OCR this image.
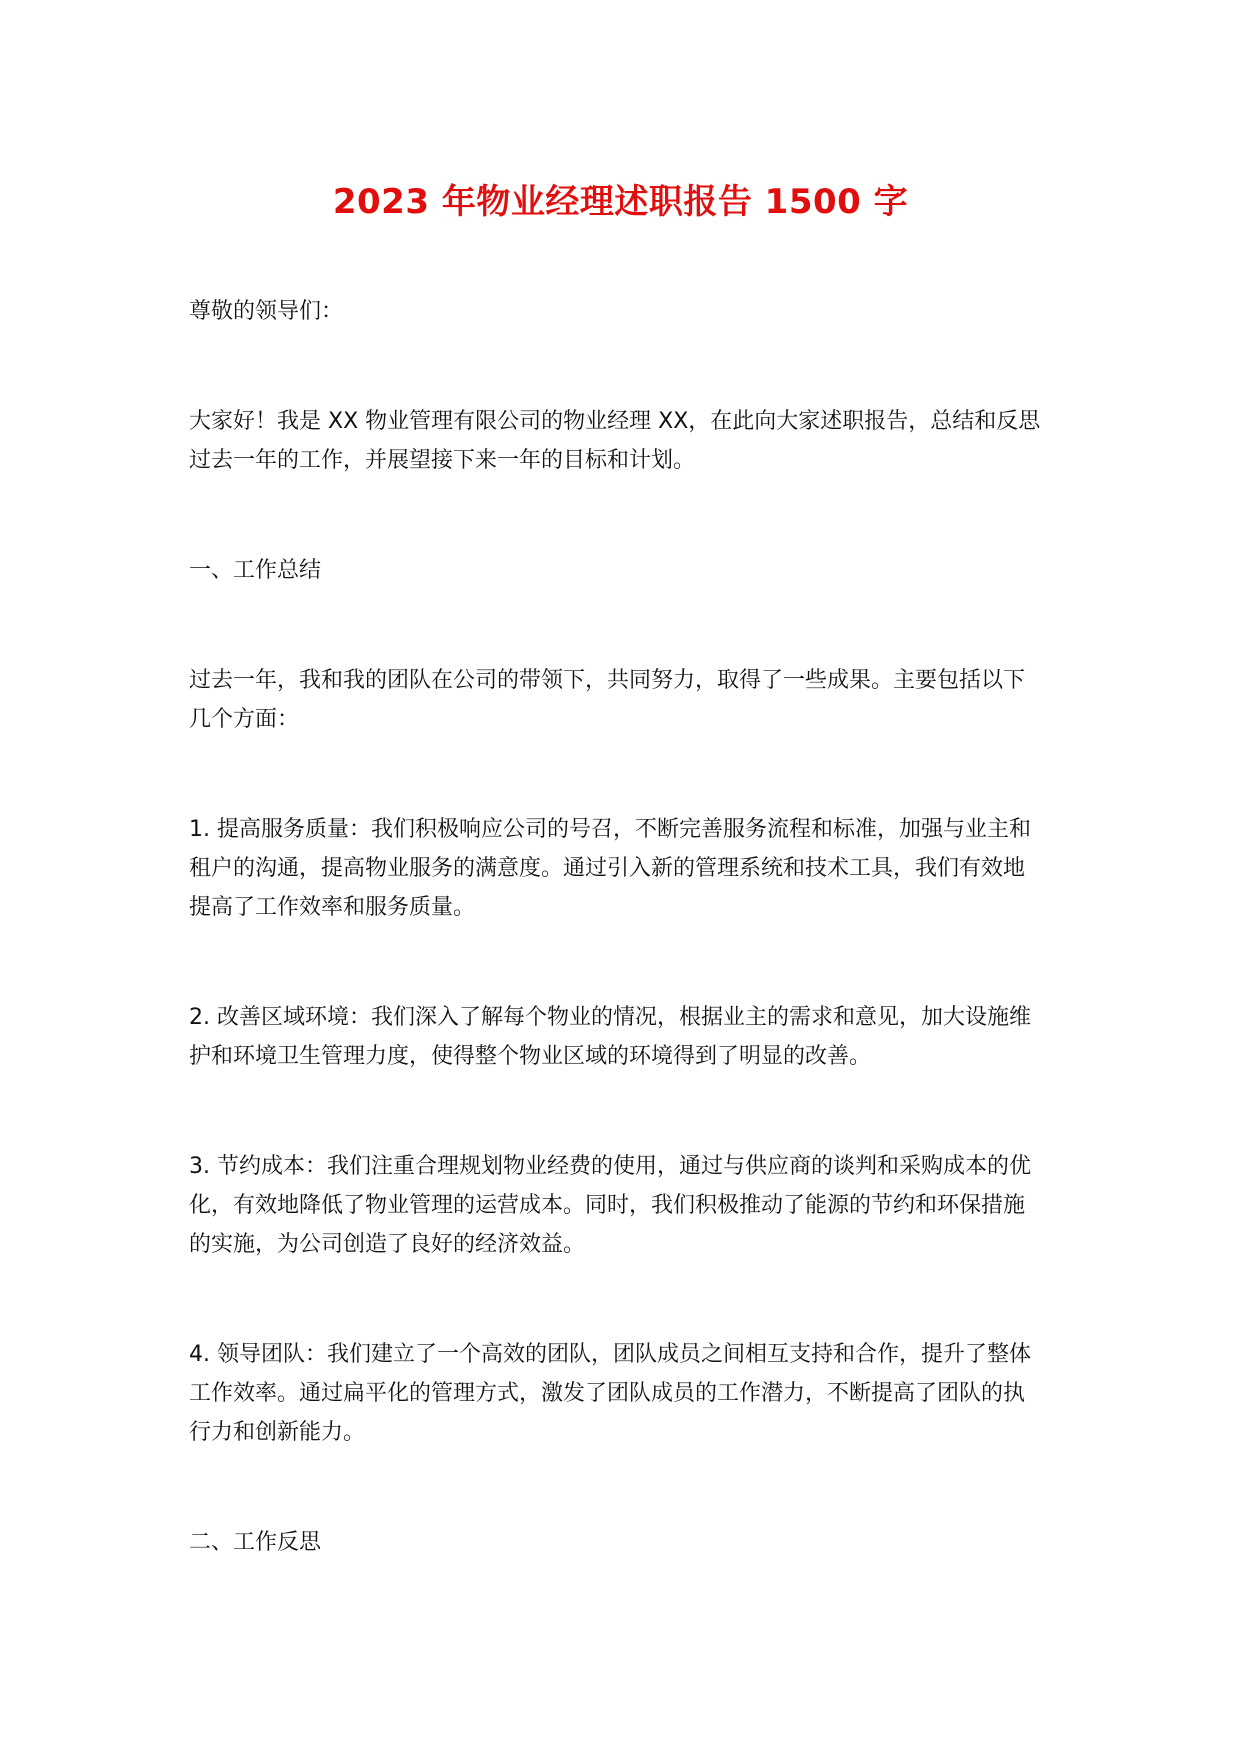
2023 年物业经理述职报告 1500 字

尊敬的领导们：

大家好！我是 XX 物业管理有限公司的物业经理 XX，在此向大家述职报告，总结和反思过去一年的工作，并展望接下来一年的目标和计划。

一、工作总结

过去一年，我和我的团队在公司的带领下，共同努力，取得了一些成果。主要包括以下几个方面：

1. 提高服务质量：我们积极响应公司的号召，不断完善服务流程和标准，加强与业主和租户的沟通，提高物业服务的满意度。通过引入新的管理系统和技术工具，我们有效地提高了工作效率和服务质量。

2. 改善区域环境：我们深入了解每个物业的情况，根据业主的需求和意见，加大设施维护和环境卫生管理力度，使得整个物业区域的环境得到了明显的改善。

3. 节约成本：我们注重合理规划物业经费的使用，通过与供应商的谈判和采购成本的优化，有效地降低了物业管理的运营成本。同时，我们积极推动了能源的节约和环保措施的实施，为公司创造了良好的经济效益。

4. 领导团队：我们建立了一个高效的团队，团队成员之间相互支持和合作，提升了整体工作效率。通过扁平化的管理方式，激发了团队成员的工作潜力，不断提高了团队的执行力和创新能力。

二、工作反思
